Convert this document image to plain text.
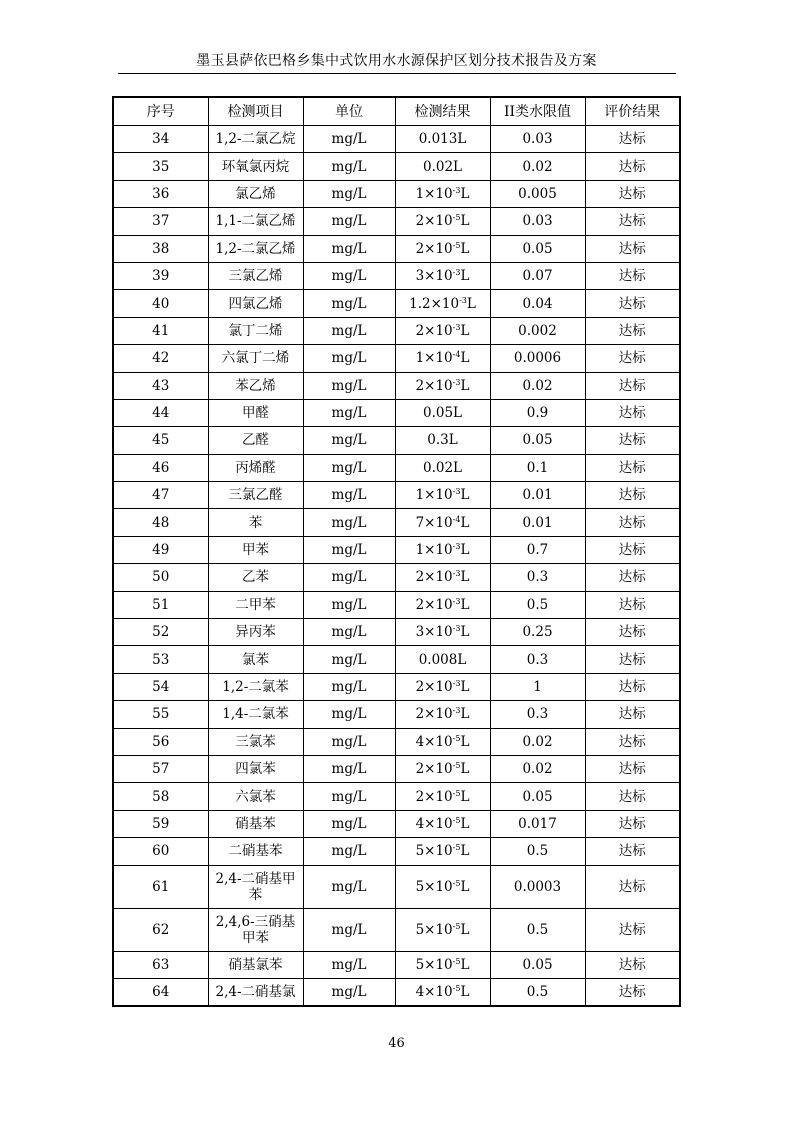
墨玉县萨依巴格乡集中式饮用水水源保护区划分技术报告及方案
序号	检测项目	单位	检测结果	II类水限值	评价结果
34	1,2-二氯乙烷	mg/L	0.013L	0.03	达标
35	环氧氯丙烷	mg/L	0.02L	0.02	达标
36	氯乙烯	mg/L	$1\times 10^{-3}L$	0.005	达标
37	1,1-二氯乙烯	mg/L	$2\times 10^{-5}L$	0.03	达标
38	1,2-二氯乙烯	mg/L	$2\times 10^{-5}L$	0.05	达标
39	三氯乙烯	mg/L	$3\times 10^{-3}L$	0.07	达标
40	四氯乙烯	mg/L	$1.2\times 10^{-3}L$	0.04	达标
41	氯丁二烯	mg/L	$2\times 10^{-3}L$	0.002	达标
42	六氯丁二烯	mg/L	$1\times 10^{-4}L$	0.0006	达标
43	苯乙烯	mg/L	$2\times 10^{-3}L$	0.02	达标
44	甲醛	mg/L	0.05L	0.9	达标
45	乙醛	mg/L	0.3L	0.05	达标
46	丙烯醛	mg/L	0.02L	0.1	达标
47	三氯乙醛	mg/L	$1\times 10^{-3}L$	0.01	达标
48	苯	mg/L	$7\times 10^{-4}L$	0.01	达标
49	甲苯	mg/L	$1\times 10^{-3}L$	0.7	达标
50	乙苯	mg/L	$2\times 10^{-3}L$	0.3	达标
51	二甲苯	mg/L	$2\times 10^{-3}L$	0.5	达标
52	异丙苯	mg/L	$3\times 10^{-3}L$	0.25	达标
53	氯苯	mg/L	0.008L	0.3	达标
54	1,2-二氯苯	mg/L	$2\times 10^{-3}L$	1	达标
55	1,4-二氯苯	mg/L	$2\times 10^{-3}L$	0.3	达标
56	三氯苯	mg/L	$4\times 10^{-5}L$	0.02	达标
57	四氯苯	mg/L	$2\times 10^{-5}L$	0.02	达标
58	六氯苯	mg/L	$2\times 10^{-5}L$	0.05	达标
59	硝基苯	mg/L	$4\times 10^{-5}L$	0.017	达标
60	二硝基苯	mg/L	$5\times 10^{-5}L$	0.5	达标
61	2,4-二硝基甲苯	mg/L	$5\times 10^{-5}L$	0.0003	达标
62	2,4,6-三硝基甲苯	mg/L	$5\times 10^{-5}L$	0.5	达标
63	硝基氯苯	mg/L	$5\times 10^{-5}L$	0.05	达标
64	2,4-二硝基氯	mg/L	$4\times 10^{-5}L$	0.5	达标
46
